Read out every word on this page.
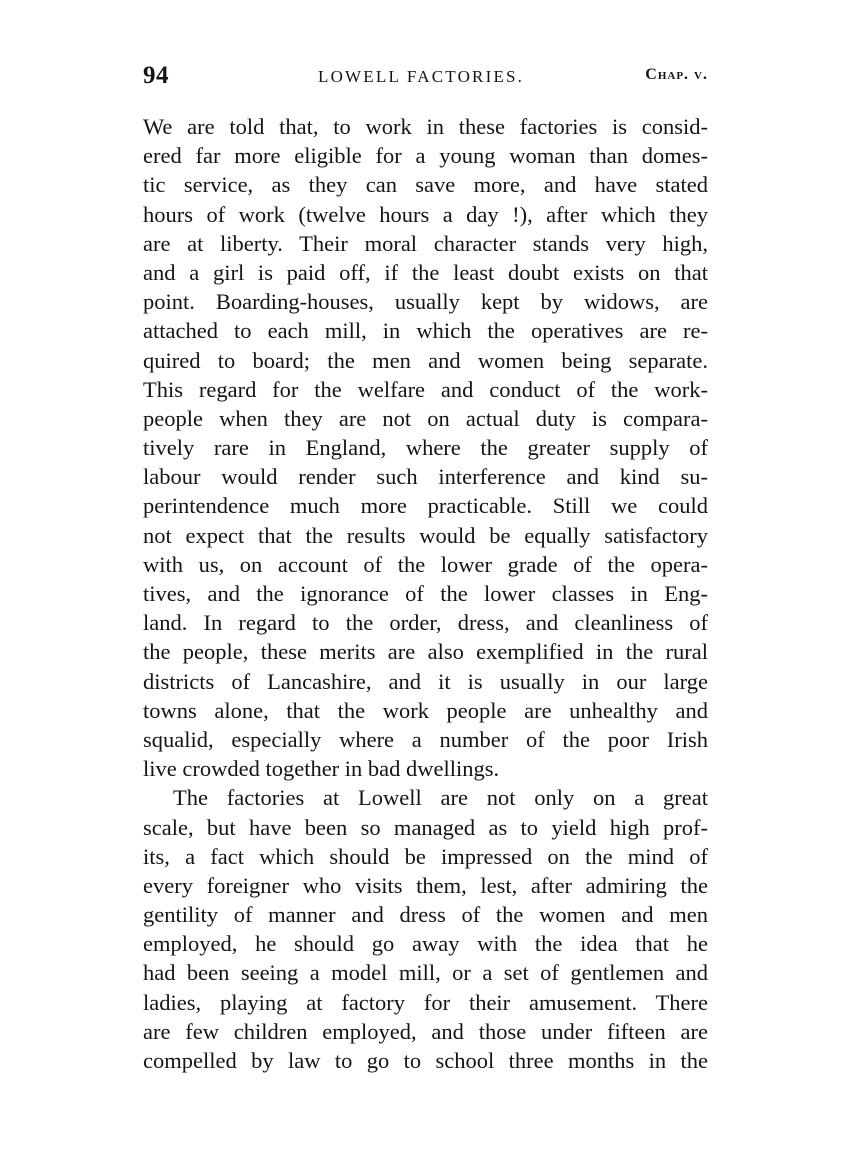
94	LOWELL FACTORIES.	Chap. v.
We are told that, to work in these factories is consid-
ered far more eligible for a young woman than domes-
tic service, as they can save more, and have stated
hours of work (twelve hours a day !), after which they
are at liberty. Their moral character stands very high,
and a girl is paid off, if the least doubt exists on that
point. Boarding-houses, usually kept by widows, are
attached to each mill, in which the operatives are re-
quired to board; the men and women being separate.
This regard for the welfare and conduct of the work-
people when they are not on actual duty is compara-
tively rare in England, where the greater supply of
labour would render such interference and kind su-
perintendence much more practicable. Still we could
not expect that the results would be equally satisfactory
with us, on account of the lower grade of the opera-
tives, and the ignorance of the lower classes in Eng-
land. In regard to the order, dress, and cleanliness of
the people, these merits are also exemplified in the rural
districts of Lancashire, and it is usually in our large
towns alone, that the work people are unhealthy and
squalid, especially where a number of the poor Irish
live crowded together in bad dwellings.
The factories at Lowell are not only on a great
scale, but have been so managed as to yield high prof-
its, a fact which should be impressed on the mind of
every foreigner who visits them, lest, after admiring the
gentility of manner and dress of the women and men
employed, he should go away with the idea that he
had been seeing a model mill, or a set of gentlemen and
ladies, playing at factory for their amusement. There
are few children employed, and those under fifteen are
compelled by law to go to school three months in the
